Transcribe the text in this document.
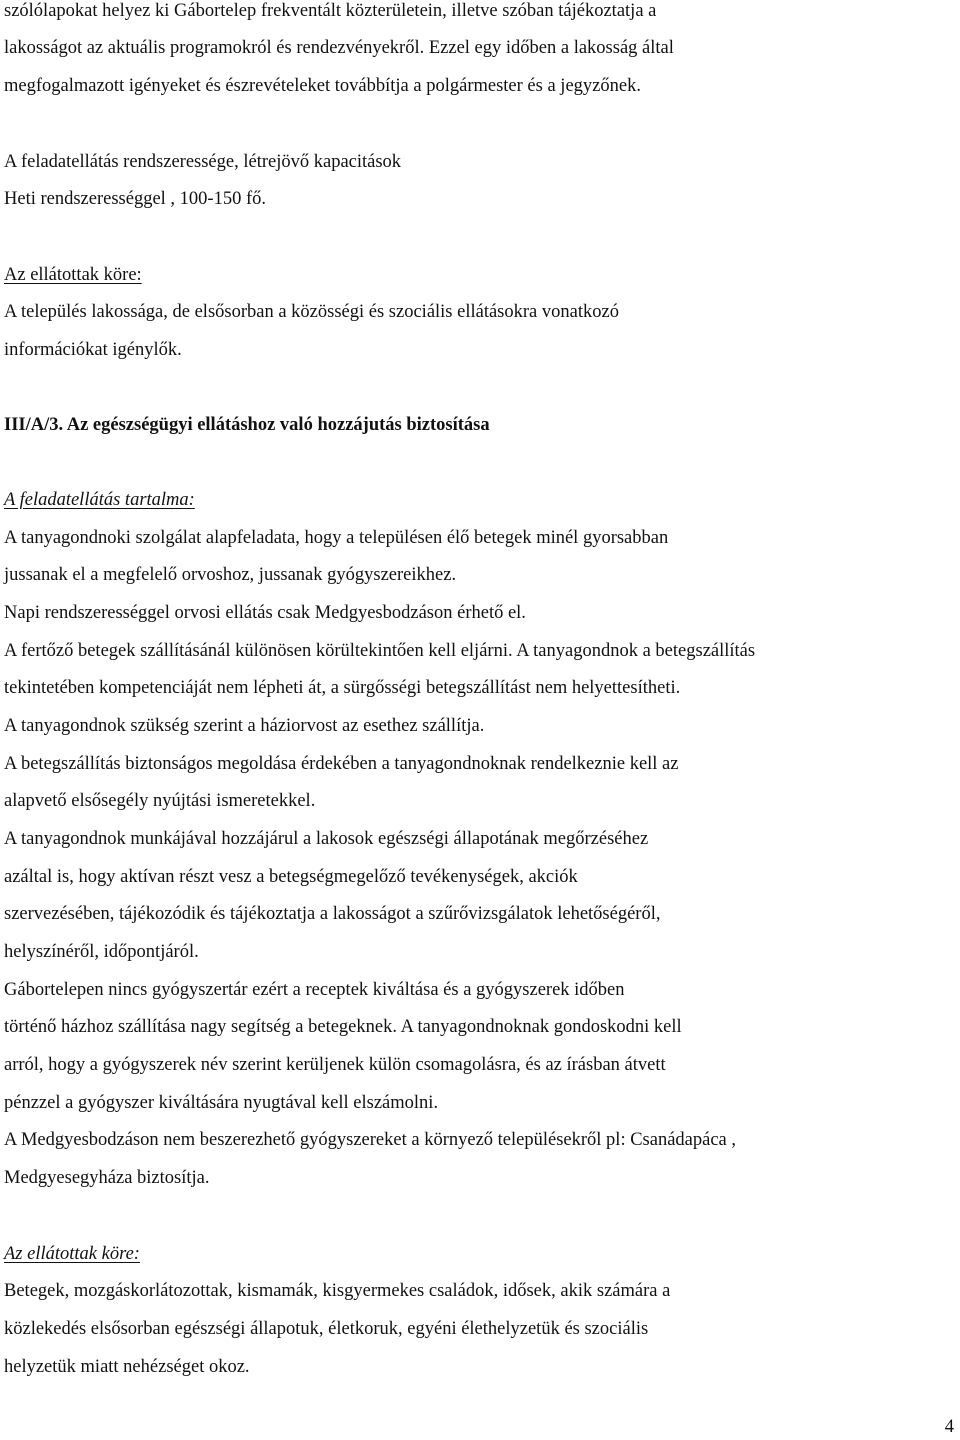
szólólapokat helyez ki Gábortelep frekventált közterületein, illetve szóban tájékoztatja a
lakosságot az aktuális programokról és rendezvényekről. Ezzel egy időben a lakosság által
megfogalmazott igényeket és észrevételeket továbbítja a polgármester és a jegyzőnek.
A feladatellátás rendszeressége, létrejövő kapacitások
Heti rendszerességgel , 100-150 fő.
Az ellátottak köre:
A település lakossága, de elsősorban a közösségi és szociális ellátásokra vonatkozó
információkat igénylők.
III/A/3. Az egészségügyi ellátáshoz való hozzájutás biztosítása
A feladatellátás tartalma:
A tanyagondnoki szolgálat alapfeladata, hogy a településen élő betegek minél gyorsabban
jussanak el a megfelelő orvoshoz, jussanak gyógyszereikhez.
Napi rendszerességgel orvosi ellátás csak Medgyesbodzáson érhető el.
A fertőző betegek szállításánál különösen körültekintően kell eljárni. A tanyagondnok a betegszállítás
tekintetében kompetenciáját nem lépheti át, a sürgősségi betegszállítást nem helyettesítheti.
A tanyagondnok szükség szerint a háziorvost az esethez szállítja.
A betegszállítás biztonságos megoldása érdekében a tanyagondnoknak rendelkeznie kell az
alapvető elsősegély nyújtási ismeretekkel.
A tanyagondnok munkájával hozzájárul a lakosok egészségi állapotának megőrzéséhez
azáltal is, hogy aktívan részt vesz a betegségmegelőző tevékenységek, akciók
szervezésében, tájékozódik és tájékoztatja a lakosságot a szűrővizsgálatok lehetőségéről,
helyszínéről, időpontjáról.
Gábortelepen nincs gyógyszertár ezért a receptek kiváltása és a gyógyszerek időben
történő házhoz szállítása nagy segítség a betegeknek. A tanyagondnoknak gondoskodni kell
arról, hogy a gyógyszerek név szerint kerüljenek külön csomagolásra, és az írásban átvett
pénzzel a gyógyszer kiváltására nyugtával kell elszámolni.
A Medgyesbodzáson nem beszerezhető gyógyszereket a környező településekről pl: Csanádapáca ,
Medgyesegyháza biztosítja.
Az ellátottak köre:
Betegek, mozgáskorlátozottak, kismamák, kisgyermekes családok, idősek, akik számára a
közlekedés elsősorban egészségi állapotuk, életkoruk, egyéni élethelyzetük és szociális
helyzetük miatt nehézséget okoz.
4
